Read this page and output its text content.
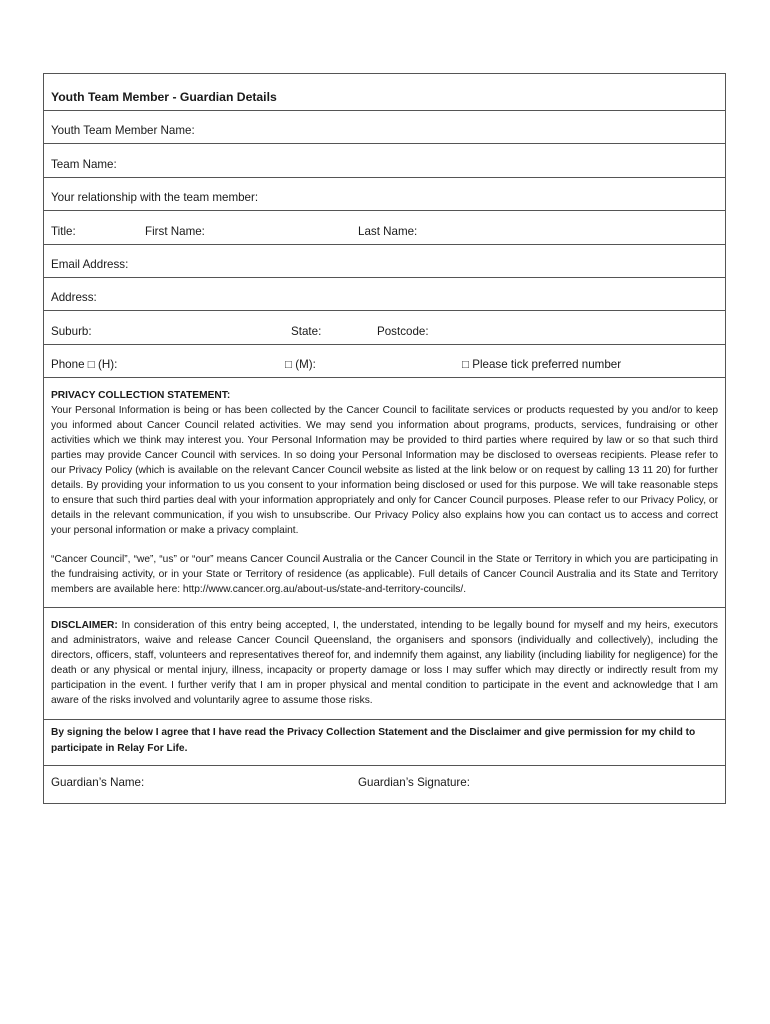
Youth Team Member - Guardian Details
Youth Team Member Name:
Team Name:
Your relationship with the team member:
Title:	First Name:	Last Name:
Email Address:
Address:
Suburb:	State:	Postcode:
Phone □ (H):	□ (M):	□ Please tick preferred number

PRIVACY COLLECTION STATEMENT:
Your Personal Information is being or has been collected by the Cancer Council to facilitate services or products requested by you and/or to keep you informed about Cancer Council related activities. We may send you information about programs, products, services, fundraising or other activities which we think may interest you. Your Personal Information may be provided to third parties where required by law or so that such third parties may provide Cancer Council with services. In so doing your Personal Information may be disclosed to overseas recipients. Please refer to our Privacy Policy (which is available on the relevant Cancer Council website as listed at the link below or on request by calling 13 11 20) for further details. By providing your information to us you consent to your information being disclosed or used for this purpose. We will take reasonable steps to ensure that such third parties deal with your information appropriately and only for Cancer Council purposes. Please refer to our Privacy Policy, or details in the relevant communication, if you wish to unsubscribe. Our Privacy Policy also explains how you can contact us to access and correct your personal information or make a privacy complaint.

“Cancer Council”, “we”, “us” or “our” means Cancer Council Australia or the Cancer Council in the State or Territory in which you are participating in the fundraising activity, or in your State or Territory of residence (as applicable). Full details of Cancer Council Australia and its State and Territory members are available here: http://www.cancer.org.au/about-us/state-and-territory-councils/.

DISCLAIMER: In consideration of this entry being accepted, I, the understated, intending to be legally bound for myself and my heirs, executors and administrators, waive and release Cancer Council Queensland, the organisers and sponsors (individually and collectively), including the directors, officers, staff, volunteers and representatives thereof for, and indemnify them against, any liability (including liability for negligence) for the death or any physical or mental injury, illness, incapacity or property damage or loss I may suffer which may directly or indirectly result from my participation in the event. I further verify that I am in proper physical and mental condition to participate in the event and acknowledge that I am aware of the risks involved and voluntarily agree to assume those risks.

By signing the below I agree that I have read the Privacy Collection Statement and the Disclaimer and give permission for my child to participate in Relay For Life.
Guardian’s Name:	Guardian’s Signature:
